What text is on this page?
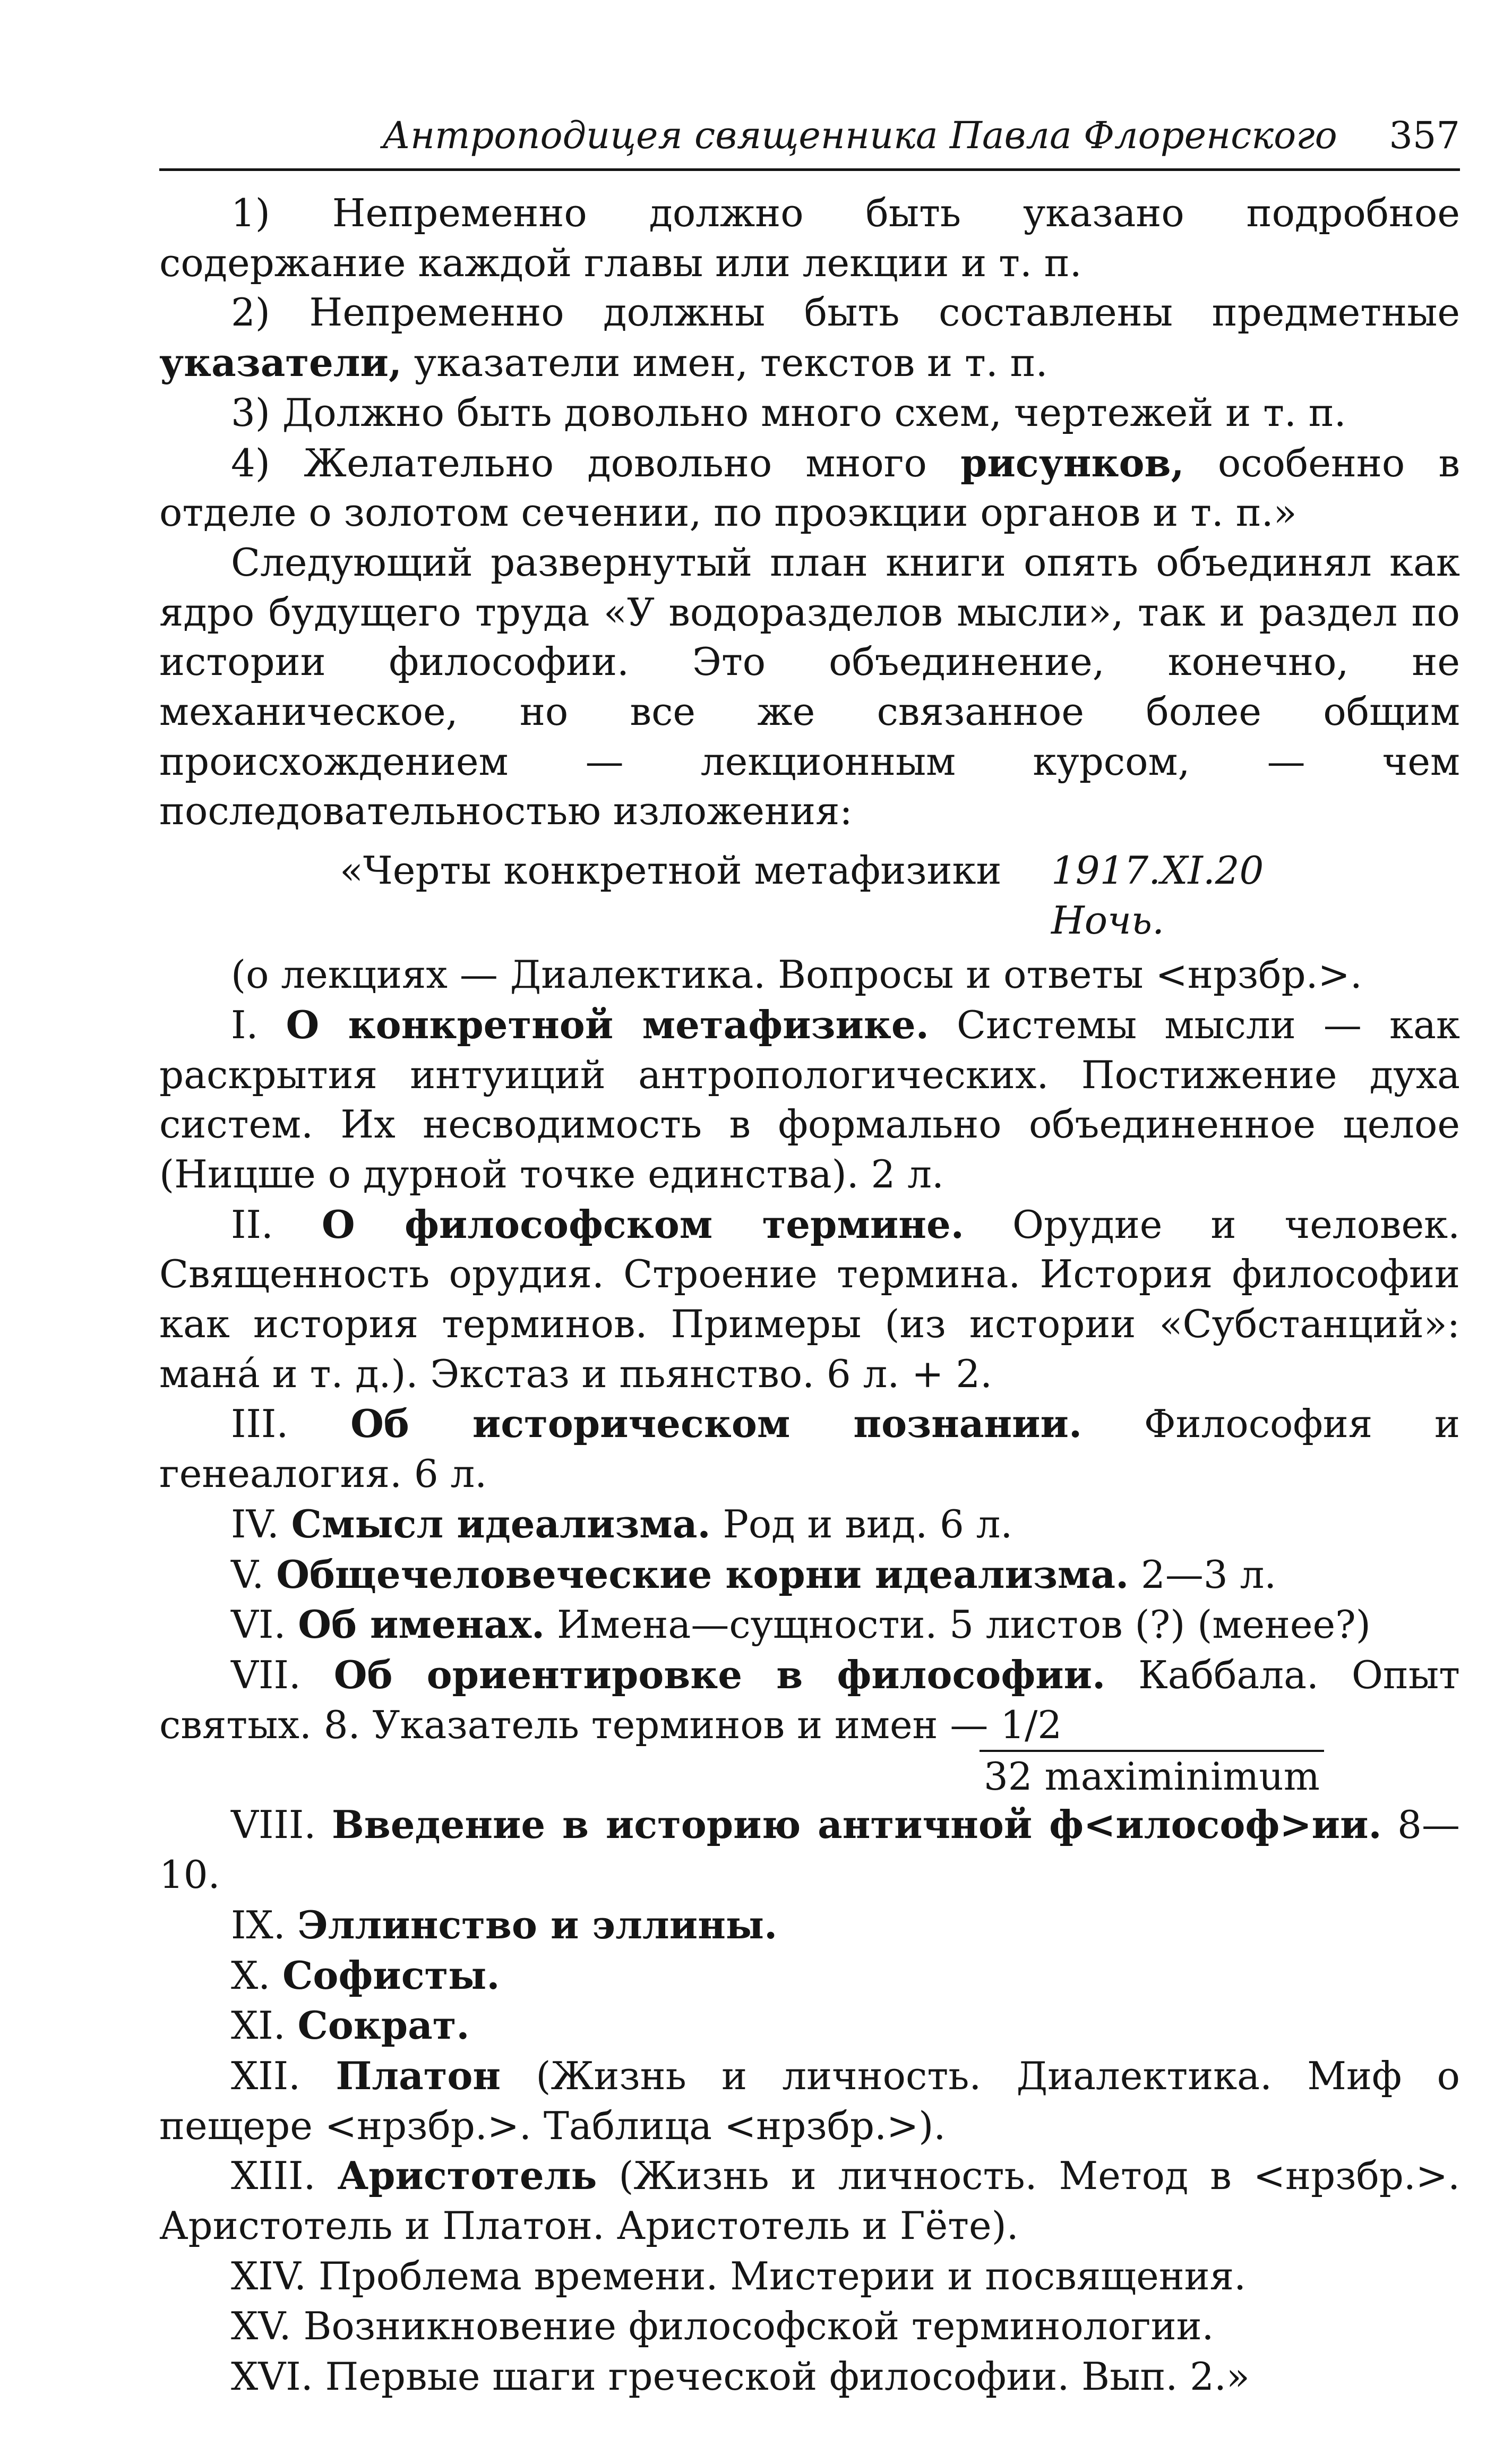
Антроподицея священника Павла Флоренского 357

1) Непременно должно быть указано подробное содержание каждой главы или лекции и т. п.

2) Непременно должны быть составлены предметные указатели, указатели имен, текстов и т. п.

3) Должно быть довольно много схем, чертежей и т. п.

4) Желательно довольно много рисунков, особенно в отделе о золотом сечении, по проэкции органов и т. п.»

Следующий развернутый план книги опять объединял как ядро будущего труда «У водоразделов мысли», так и раздел по истории философии. Это объединение, конечно, не механическое, но все же связанное более общим происхождением — лекционным курсом, — чем последовательностью изложения:

«Черты конкретной метафизики 1917.XI.20
Ночь.

(о лекциях — Диалектика. Вопросы и ответы <нрзбр.>.

I. О конкретной метафизике. Системы мысли — как раскрытия интуиций антропологических. Постижение духа систем. Их несводимость в формально объединенное целое (Ницше о дурной точке единства). 2 л.

II. О философском термине. Орудие и человек. Священность орудия. Строение термина. История философии как история терминов. Примеры (из истории «Субстанций»: мана́ и т. д.). Экстаз и пьянство. 6 л. + 2.

III. Об историческом познании. Философия и генеалогия. 6 л.

IV. Смысл идеализма. Род и вид. 6 л.

V. Общечеловеческие корни идеализма. 2—3 л.

VI. Об именах. Имена—сущности. 5 листов (?) (менее?)

VII. Об ориентировке в философии. Каббала. Опыт святых. 8. Указатель терминов и имен — 1/2

32 maximinimum

VIII. Введение в историю античной ф<илософ>ии. 8—10.

IX. Эллинство и эллины.

X. Софисты.

XI. Сократ.

XII. Платон (Жизнь и личность. Диалектика. Миф о пещере <нрзбр.>. Таблица <нрзбр.>).

XIII. Аристотель (Жизнь и личность. Метод в <нрзбр.>. Аристотель и Платон. Аристотель и Гёте).

XIV. Проблема времени. Мистерии и посвящения.

XV. Возникновение философской терминологии.

XVI. Первые шаги греческой философии. Вып. 2.»
